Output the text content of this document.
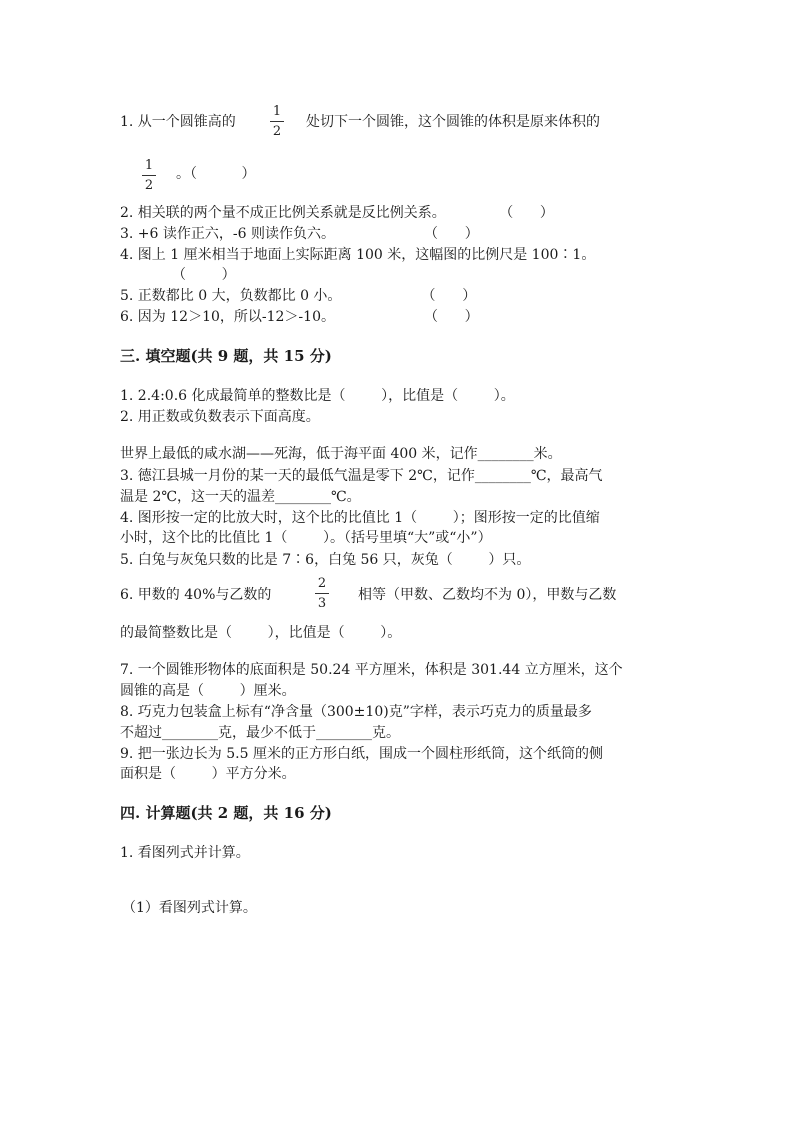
1. 从一个圆锥高的
1
2
处切下一个圆锥，这个圆锥的体积是原来体积的
1
2
。（          ）
2. 相关联的两个量不成正比例关系就是反比例关系。            （      ）
3. +6 读作正六，-6 则读作负六。                    （      ）
4. 图上 1 厘米相当于地面上实际距离 100 米，这幅图的比例尺是 100∶1。
（        ）
5. 正数都比 0 大，负数都比 0 小。                  （      ）
6. 因为 12＞10，所以-12＞-10。                    （      ）
三. 填空题(共 9 题，共 15 分)
1. 2.4:0.6 化成最简单的整数比是（        ），比值是（        ）。
2. 用正数或负数表示下面高度。
世界上最低的咸水湖——死海，低于海平面 400 米，记作________米。
3. 德江县城一月份的某一天的最低气温是零下 2℃，记作________℃，最高气
温是 2℃，这一天的温差________℃。
4. 图形按一定的比放大时，这个比的比值比 1（        ）；图形按一定的比值缩
小时，这个比的比值比 1（        ）。（括号里填“大”或“小”）
5. 白兔与灰兔只数的比是 7∶6，白兔 56 只，灰兔（        ）只。
6. 甲数的 40%与乙数的
2
3
相等（甲数、乙数均不为 0），甲数与乙数
的最简整数比是（        ），比值是（        ）。
7. 一个圆锥形物体的底面积是 50.24 平方厘米，体积是 301.44 立方厘米，这个
圆锥的高是（        ）厘米。
8. 巧克力包装盒上标有“净含量（300±10)克”字样，表示巧克力的质量最多
不超过________克，最少不低于________克。
9. 把一张边长为 5.5 厘米的正方形白纸，围成一个圆柱形纸筒，这个纸筒的侧
面积是（        ）平方分米。
四. 计算题(共 2 题，共 16 分)
1. 看图列式并计算。
（1）看图列式计算。
